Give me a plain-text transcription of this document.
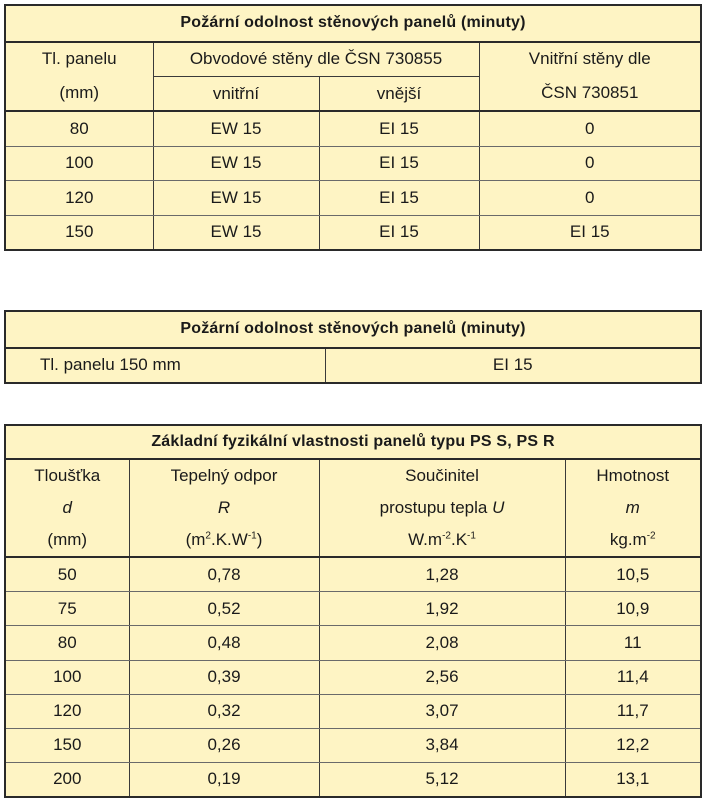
Požární odolnost stěnových panelů (minuty)			
Tl. panelu	Obvodové stěny dle ČSN 730855		Vnitřní stěny dle
(mm)	vnitřní	vnější	ČSN 730851
80	EW 15	EI 15	0
100	EW 15	EI 15	0
120	EW 15	EI 15	0
150	EW 15	EI 15	EI 15
Požární odolnost stěnových panelů (minuty)
Tl. panelu 150 mm	EI 15
Základní fyzikální vlastnosti panelů typu PS S, PS R			
Tloušťka	Tepelný odpor	Součinitel	Hmotnost
d	R	prostupu tepla U	m
(mm)	$(m^2.K.W^{-1})$	$W.m^{-2}.K^{-1}$	$kg.m^{-2}$
50	0,78	1,28	10,5
75	0,52	1,92	10,9
80	0,48	2,08	11
100	0,39	2,56	11,4
120	0,32	3,07	11,7
150	0,26	3,84	12,2
200	0,19	5,12	13,1
